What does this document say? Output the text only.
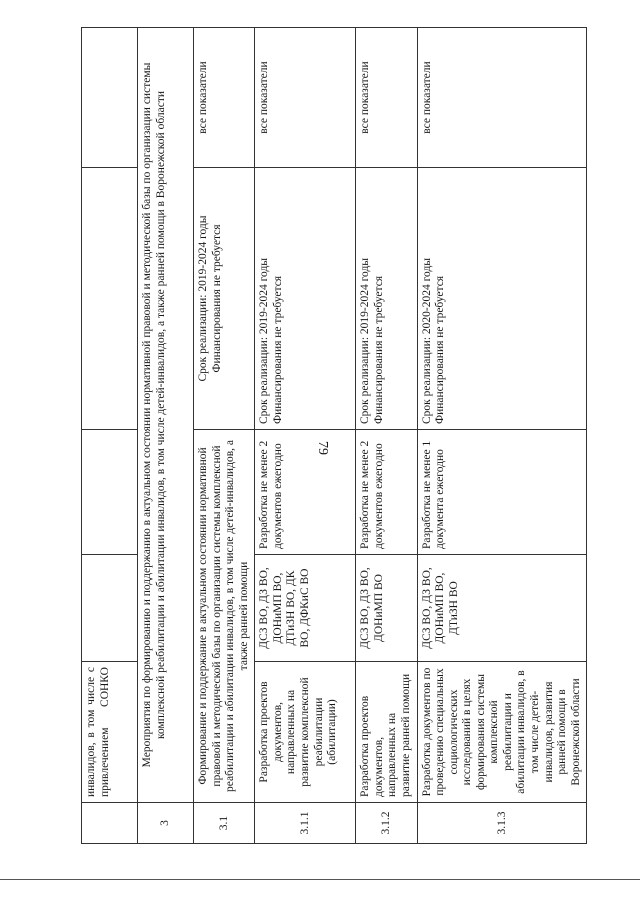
79
	инвалидов, в том числе с привлечением СОНКО				
3	Мероприятия по формированию и поддержанию в актуальном состоянии нормативной правовой и методической базы по организации системы комплексной реабилитации и абилитации инвалидов, в том числе детей-инвалидов, а также ранней помощи в Воронежской области				
3.1	Формирование и поддержание в актуальном состоянии нормативной правовой и методической базы по организации системы комплексной реабилитации и абилитации инвалидов, в том числе детей-инвалидов, а также ранней помощи			Срок реализации: 2019-2024 годы Финансирования не требуется	все показатели
3.1.1	Разработка проектов документов, направленных на развитие комплексной реабилитации (абилитации)	ДСЗ ВО, ДЗ ВО, ДОНиМП ВО, ДТиЗН ВО, ДК ВО, ДФКиС ВО	Разработка не менее 2 документов ежегодно	Срок реализации: 2019-2024 годы Финансирования не требуется	все показатели
3.1.2	Разработка проектов документов, направленных на развитие ранней помощи	ДСЗ ВО, ДЗ ВО, ДОНиМП ВО	Разработка не менее 2 документов ежегодно	Срок реализации: 2019-2024 годы Финансирования не требуется	все показатели
3.1.3	Разработка документов по проведению специальных социологических исследований в целях формирования системы комплексной реабилитации и абилитации инвалидов, в том числе детей-инвалидов, развития ранней помощи в Воронежской области	ДСЗ ВО, ДЗ ВО, ДОНиМП ВО, ДТиЗН ВО	Разработка не менее 1 документа ежегодно	Срок реализации: 2020-2024 годы Финансирования не требуется	все показатели
